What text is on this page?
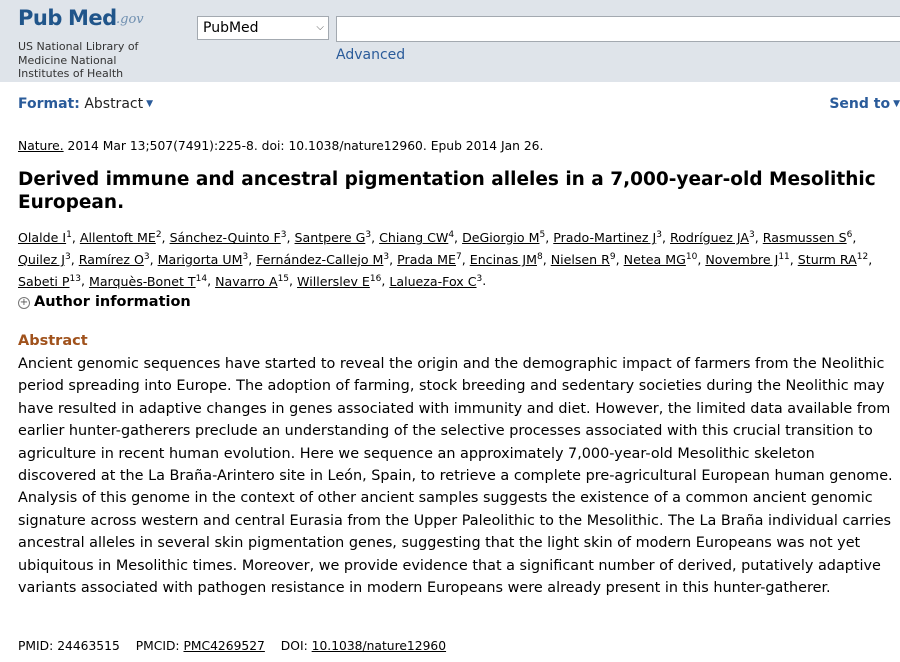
Pub Med .gov
US National Library of Medicine National Institutes of Health
PubMed	⌵
Advanced
Format: Abstract ▼	Send to ▼
Nature. 2014 Mar 13;507(7491):225-8. doi: 10.1038/nature12960. Epub 2014 Jan 26.
Derived immune and ancestral pigmentation alleles in a 7,000-year-old Mesolithic European.
Olalde $I^1$, Allentoft $ME^2$, Sánchez-Quinto $F^3$, Santpere $G^3$, Chiang $CW^4$, DeGiorgio $M^5$, Prado-Martinez $J^3$, Rodríguez $JA^3$, Rasmussen $S^6$, Quilez $J^3$, Ramírez $O^3$, Marigorta $UM^3$, Fernández-Callejo $M^3$, Prada $ME^7$, Encinas $JM^8$, Nielsen $R^9$, Netea MG$^{10}$, Novembre $J^{11}$, Sturm RA$^{12}$, Sabeti $P^{13}$, Marquès-Bonet $T^{14}$, Navarro $A^{15}$, Willerslev $E^{16}$, Lalueza-Fox $C^3$.
+ Author information
Abstract
Ancient genomic sequences have started to reveal the origin and the demographic impact of farmers from the Neolithic period spreading into Europe. The adoption of farming, stock breeding and sedentary societies during the Neolithic may have resulted in adaptive changes in genes associated with immunity and diet. However, the limited data available from earlier hunter-gatherers preclude an understanding of the selective processes associated with this crucial transition to agriculture in recent human evolution. Here we sequence an approximately 7,000-year-old Mesolithic skeleton discovered at the La Braña-Arintero site in León, Spain, to retrieve a complete pre-agricultural European human genome. Analysis of this genome in the context of other ancient samples suggests the existence of a common ancient genomic signature across western and central Eurasia from the Upper Paleolithic to the Mesolithic. The La Braña individual carries ancestral alleles in several skin pigmentation genes, suggesting that the light skin of modern Europeans was not yet ubiquitous in Mesolithic times. Moreover, we provide evidence that a significant number of derived, putatively adaptive variants associated with pathogen resistance in modern Europeans were already present in this hunter-gatherer.
PMID: 24463515 PMCID: PMC4269527 DOI: 10.1038/nature12960
